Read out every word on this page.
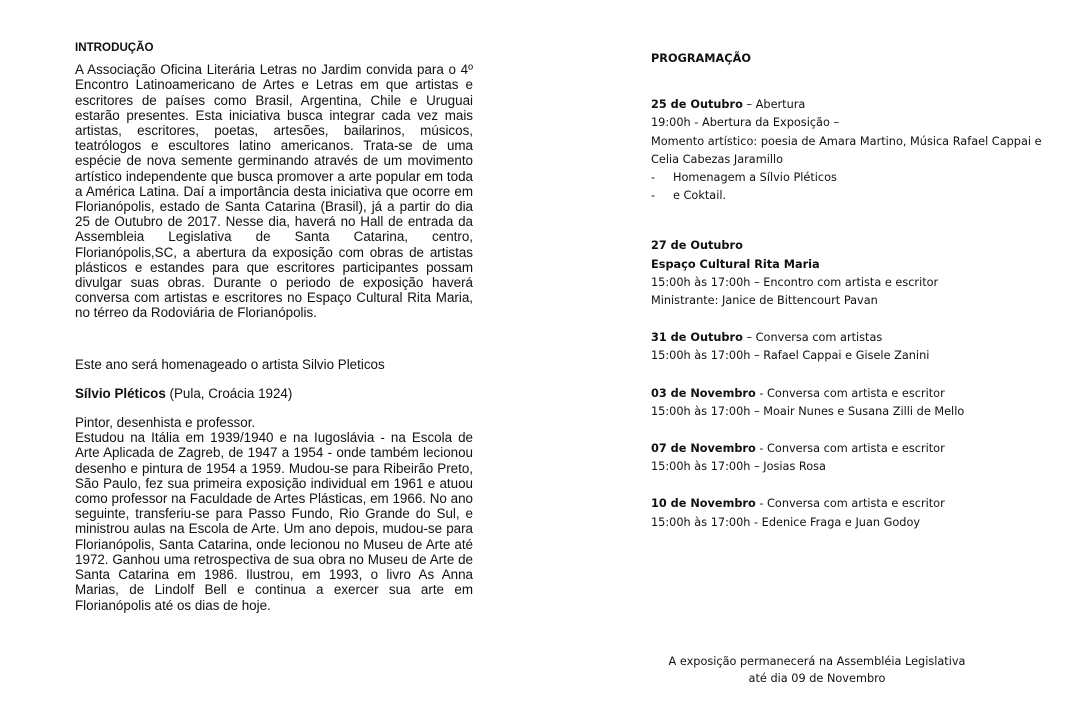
INTRODUÇÃO

A Associação Oficina Literária Letras no Jardim convida para o 4º Encontro Latinoamericano de Artes e Letras em que artistas e escritores de países como Brasil, Argentina, Chile e Uruguai estarão presentes. Esta iniciativa busca integrar cada vez mais artistas, escritores, poetas, artesões, bailarinos, músicos, teatrólogos e escultores latino americanos. Trata-se de uma espécie de nova semente germinando através de um movimento artístico independente que busca promover a arte popular em toda a América Latina. Daí a importância desta iniciativa que ocorre em Florianópolis, estado de Santa Catarina (Brasil), já a partir do dia 25 de Outubro de 2017. Nesse dia, haverá no Hall de entrada da Assembleia Legislativa de Santa Catarina, centro, Florianópolis,SC, a abertura da exposição com obras de artistas plásticos e estandes para que escritores participantes possam divulgar suas obras. Durante o periodo de exposição haverá conversa com artistas e escritores no Espaço Cultural Rita Maria, no térreo da Rodoviária de Florianópolis.

Este ano será homenageado o artista Silvio Pleticos

Sílvio Pléticos (Pula, Croácia 1924)

Pintor, desenhista e professor.

Estudou na Itália em 1939/1940 e na Iugoslávia - na Escola de Arte Aplicada de Zagreb, de 1947 a 1954 - onde também lecionou desenho e pintura de 1954 a 1959. Mudou-se para Ribeirão Preto, São Paulo, fez sua primeira exposição individual em 1961 e atuou como professor na Faculdade de Artes Plásticas, em 1966. No ano seguinte, transferiu-se para Passo Fundo, Rio Grande do Sul, e ministrou aulas na Escola de Arte. Um ano depois, mudou-se para Florianópolis, Santa Catarina, onde lecionou no Museu de Arte até 1972. Ganhou uma retrospectiva de sua obra no Museu de Arte de Santa Catarina em 1986. Ilustrou, em 1993, o livro As Anna Marias, de Lindolf Bell e continua a exercer sua arte em Florianópolis até os dias de hoje.

PROGRAMAÇÃO

25 de Outubro – Abertura

19:00h - Abertura da Exposição –

Momento artístico: poesia de Amara Martino, Música Rafael Cappai e

Celia Cabezas Jaramillo

- Homenagem a Sílvio Pléticos

- e Coktail.

27 de Outubro

Espaço Cultural Rita Maria

15:00h às 17:00h – Encontro com artista e escritor

Ministrante: Janice de Bittencourt Pavan

31 de Outubro – Conversa com artistas

15:00h às 17:00h – Rafael Cappai e Gisele Zanini

03 de Novembro - Conversa com artista e escritor

15:00h às 17:00h – Moair Nunes e Susana Zilli de Mello

07 de Novembro - Conversa com artista e escritor

15:00h às 17:00h – Josias Rosa

10 de Novembro - Conversa com artista e escritor

15:00h às 17:00h - Edenice Fraga e Juan Godoy

A exposição permanecerá na Assembléia Legislativa
até dia 09 de Novembro
